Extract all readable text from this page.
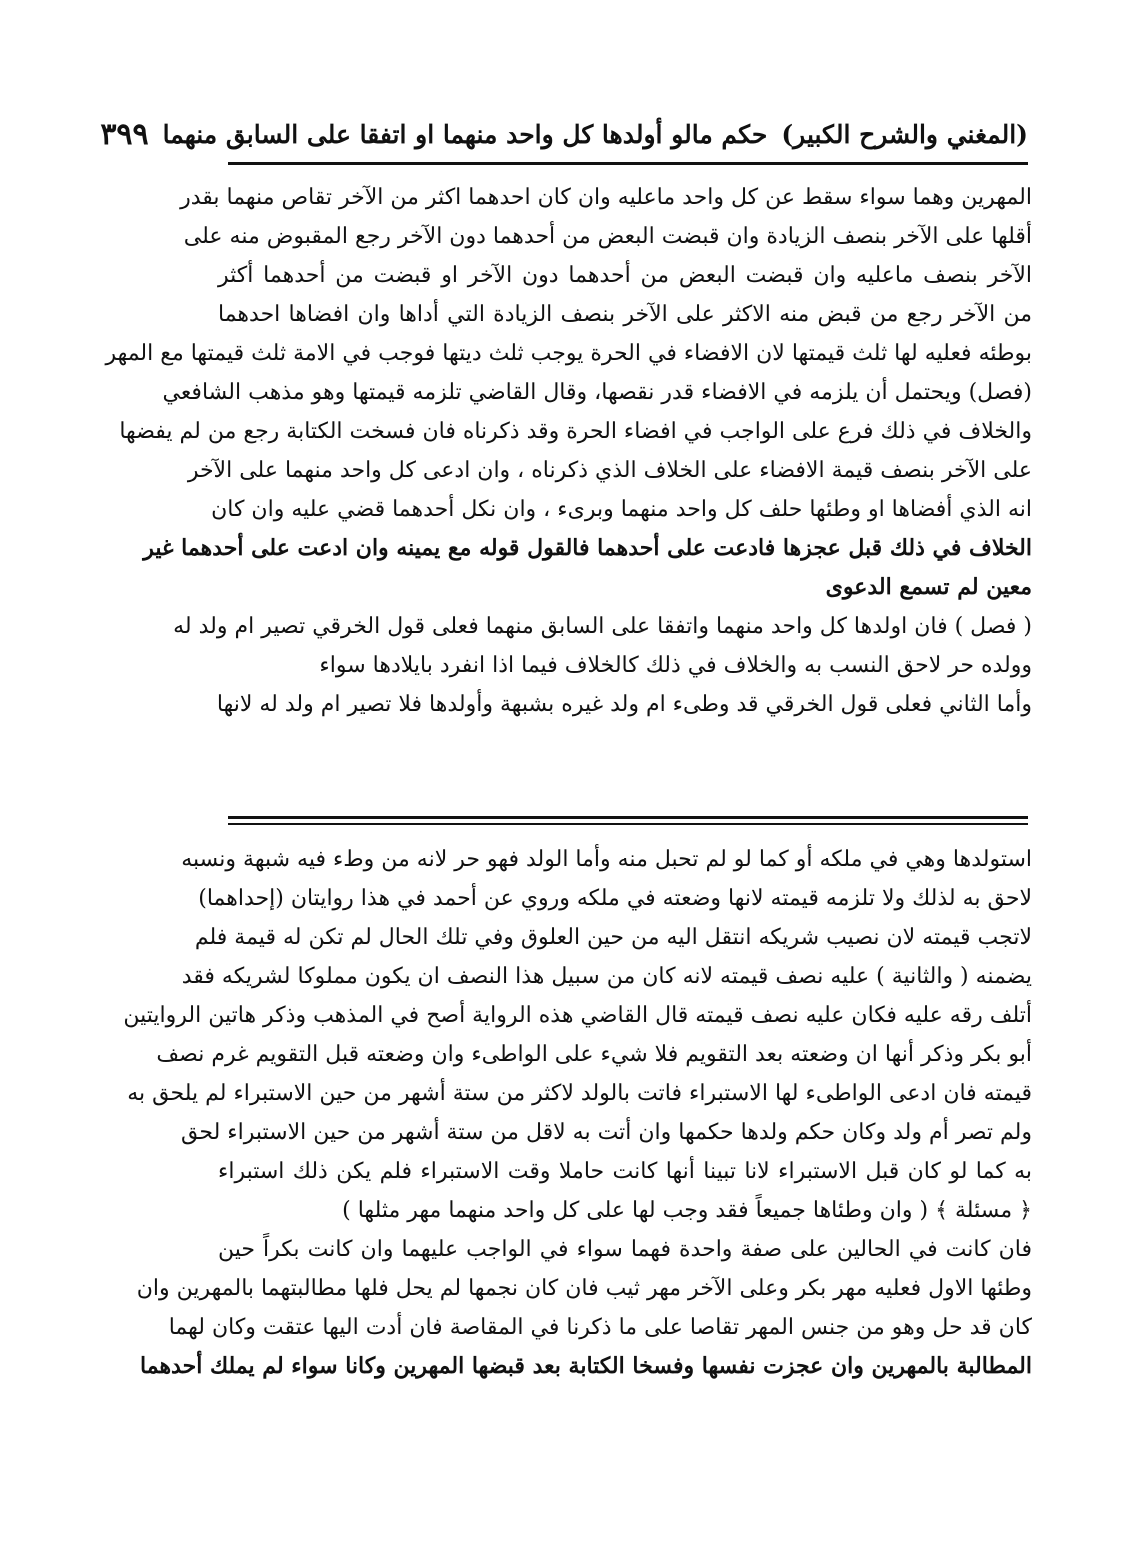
(المغني والشرح الكبير)
حكم مالو أولدها كل واحد منهما او اتفقا على السابق منهما
٣٩٩
المهرين وهما سواء سقط عن كل واحد ماعليه وان كان احدهما اكثر من الآخر تقاص منهما بقدر
أقلها على الآخر بنصف الزيادة وان قبضت البعض من أحدهما دون الآخر رجع المقبوض منه على
الآخر بنصف ماعليه وان قبضت البعض من أحدهما دون الآخر او قبضت من أحدهما أكثر
من الآخر رجع من قبض منه الاكثر على الآخر بنصف الزيادة التي أداها وان افضاها احدهما
بوطئه فعليه لها ثلث قيمتها لان الافضاء في الحرة يوجب ثلث ديتها فوجب في الامة ثلث قيمتها مع المهر
(فصل) ويحتمل أن يلزمه في الافضاء قدر نقصها، وقال القاضي تلزمه قيمتها وهو مذهب الشافعي
والخلاف في ذلك فرع على الواجب في افضاء الحرة وقد ذكرناه فان فسخت الكتابة رجع من لم يفضها
على الآخر بنصف قيمة الافضاء على الخلاف الذي ذكرناه ، وان ادعى كل واحد منهما على الآخر
انه الذي أفضاها او وطئها حلف كل واحد منهما وبرىء ، وان نكل أحدهما قضي عليه وان كان
الخلاف في ذلك قبل عجزها فادعت على أحدهما فالقول قوله مع يمينه وان ادعت على أحدهما غير
معين لم تسمع الدعوى
( فصل ) فان اولدها كل واحد منهما واتفقا على السابق منهما فعلى قول الخرقي تصير ام ولد له
وولده حر لاحق النسب به والخلاف في ذلك كالخلاف فيما اذا انفرد بايلادها سواء
وأما الثاني فعلى قول الخرقي قد وطىء ام ولد غيره بشبهة وأولدها فلا تصير ام ولد له لانها
استولدها وهي في ملكه أو كما لو لم تحبل منه وأما الولد فهو حر لانه من وطء فيه شبهة ونسبه
لاحق به لذلك ولا تلزمه قيمته لانها وضعته في ملكه وروي عن أحمد في هذا روايتان (إحداهما)
لاتجب قيمته لان نصيب شريكه انتقل اليه من حين العلوق وفي تلك الحال لم تكن له قيمة فلم
يضمنه ( والثانية ) عليه نصف قيمته لانه كان من سبيل هذا النصف ان يكون مملوكا لشريكه فقد
أتلف رقه عليه فكان عليه نصف قيمته قال القاضي هذه الرواية أصح في المذهب وذكر هاتين الروايتين
أبو بكر وذكر أنها ان وضعته بعد التقويم فلا شيء على الواطىء وان وضعته قبل التقويم غرم نصف
قيمته فان ادعى الواطىء لها الاستبراء فاتت بالولد لاكثر من ستة أشهر من حين الاستبراء لم يلحق به
ولم تصر أم ولد وكان حكم ولدها حكمها وان أتت به لاقل من ستة أشهر من حين الاستبراء لحق
به كما لو كان قبل الاستبراء لانا تبينا أنها كانت حاملا وقت الاستبراء فلم يكن ذلك استبراء
﴿ مسئلة ﴾ ( وان وطئاها جميعاً فقد وجب لها على كل واحد منهما مهر مثلها )
فان كانت في الحالين على صفة واحدة فهما سواء في الواجب عليهما وان كانت بكراً حين
وطئها الاول فعليه مهر بكر وعلى الآخر مهر ثيب فان كان نجمها لم يحل فلها مطالبتهما بالمهرين وان
كان قد حل وهو من جنس المهر تقاصا على ما ذكرنا في المقاصة فان أدت اليها عتقت وكان لهما
المطالبة بالمهرين وان عجزت نفسها وفسخا الكتابة بعد قبضها المهرين وكانا سواء لم يملك أحدهما
